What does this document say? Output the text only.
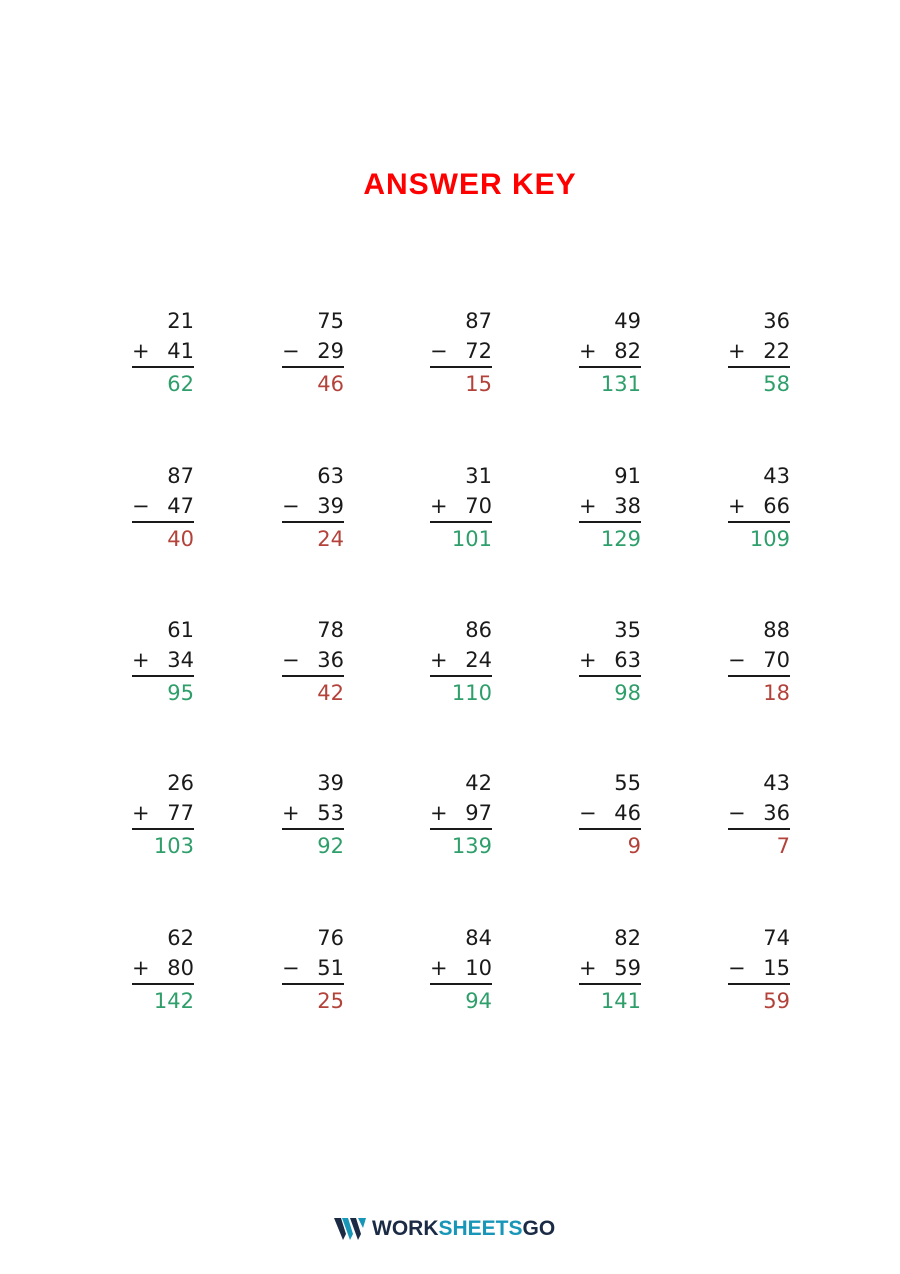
ANSWER KEY
21
+ 41
62
75
− 29
46
87
− 72
15
49
+ 82
131
36
+ 22
58
87
− 47
40
63
− 39
24
31
+ 70
101
91
+ 38
129
43
+ 66
109
61
+ 34
95
78
− 36
42
86
+ 24
110
35
+ 63
98
88
− 70
18
26
+ 77
103
39
+ 53
92
42
+ 97
139
55
− 46
9
43
− 36
7
62
+ 80
142
76
− 51
25
84
+ 10
94
82
+ 59
141
74
− 15
59
WORKSHEETSGO
